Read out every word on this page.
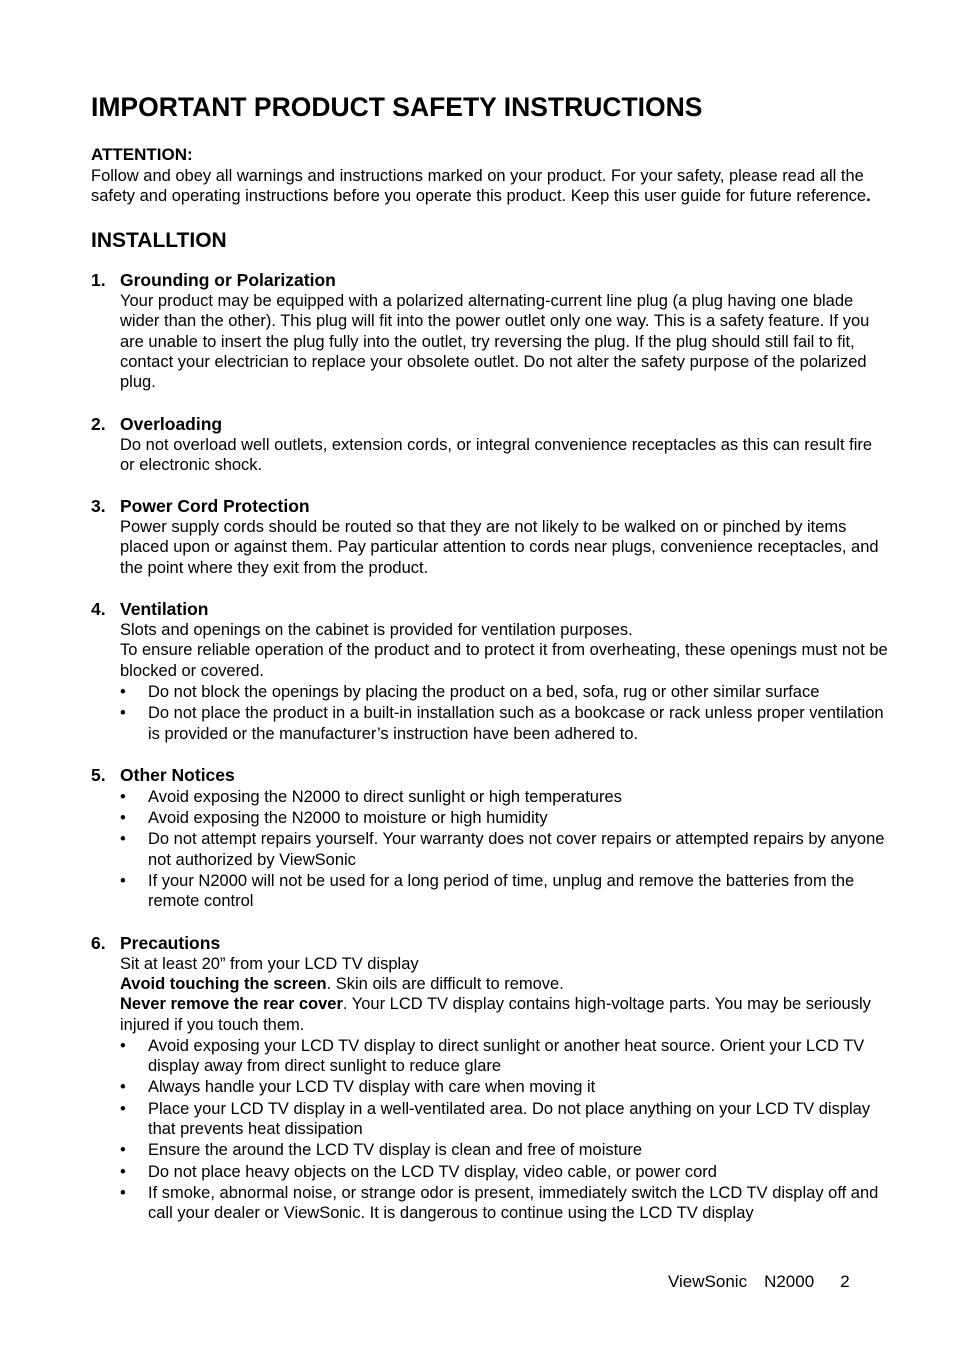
IMPORTANT PRODUCT SAFETY INSTRUCTIONS

ATTENTION:

Follow and obey all warnings and instructions marked on your product. For your safety, please read all the safety and operating instructions before you operate this product. Keep this user guide for future reference.

INSTALLTION
1. Grounding or Polarization

Your product may be equipped with a polarized alternating-current line plug (a plug having one blade wider than the other). This plug will fit into the power outlet only one way. This is a safety feature. If you are unable to insert the plug fully into the outlet, try reversing the plug. If the plug should still fail to fit, contact your electrician to replace your obsolete outlet. Do not alter the safety purpose of the polarized plug.

2. Overloading

Do not overload well outlets, extension cords, or integral convenience receptacles as this can result fire or electronic shock.

3. Power Cord Protection

Power supply cords should be routed so that they are not likely to be walked on or pinched by items placed upon or against them. Pay particular attention to cords near plugs, convenience receptacles, and the point where they exit from the product.

4. Ventilation

Slots and openings on the cabinet is provided for ventilation purposes.

To ensure reliable operation of the product and to protect it from overheating, these openings must not be blocked or covered.

• Do not block the openings by placing the product on a bed, sofa, rug or other similar surface
• Do not place the product in a built-in installation such as a bookcase or rack unless proper ventilation is provided or the manufacturer’s instruction have been adhered to.
5. Other Notices
• Avoid exposing the N2000 to direct sunlight or high temperatures
• Avoid exposing the N2000 to moisture or high humidity
• Do not attempt repairs yourself. Your warranty does not cover repairs or attempted repairs by anyone not authorized by ViewSonic
• If your N2000 will not be used for a long period of time, unplug and remove the batteries from the remote control
6. Precautions

Sit at least 20” from your LCD TV display

Avoid touching the screen. Skin oils are difficult to remove.

Never remove the rear cover. Your LCD TV display contains high-voltage parts. You may be seriously injured if you touch them.

• Avoid exposing your LCD TV display to direct sunlight or another heat source. Orient your LCD TV display away from direct sunlight to reduce glare
• Always handle your LCD TV display with care when moving it
• Place your LCD TV display in a well-ventilated area. Do not place anything on your LCD TV display that prevents heat dissipation
• Ensure the around the LCD TV display is clean and free of moisture
• Do not place heavy objects on the LCD TV display, video cable, or power cord
• If smoke, abnormal noise, or strange odor is present, immediately switch the LCD TV display off and call your dealer or ViewSonic. It is dangerous to continue using the LCD TV display
ViewSonic N2000 2
